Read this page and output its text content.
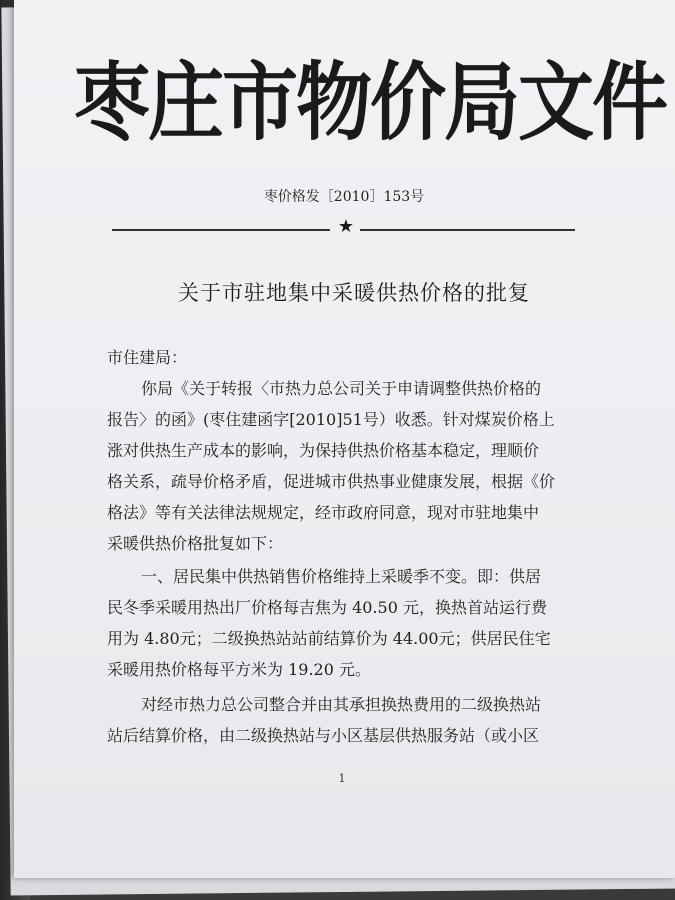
枣庄市物价局文件
枣价格发［2010］153号
★
关于市驻地集中采暖供热价格的批复
市住建局：
你局《关于转报〈市热力总公司关于申请调整供热价格的
报告〉的函》(枣住建函字[2010]51号）收悉。针对煤炭价格上
涨对供热生产成本的影响，为保持供热价格基本稳定，理顺价
格关系，疏导价格矛盾，促进城市供热事业健康发展，根据《价
格法》等有关法律法规规定，经市政府同意，现对市驻地集中
采暖供热价格批复如下：
一、居民集中供热销售价格维持上采暖季不变。即：供居
民冬季采暖用热出厂价格每吉焦为 40.50 元，换热首站运行费
用为 4.80元；二级换热站站前结算价为 44.00元；供居民住宅
采暖用热价格每平方米为 19.20 元。
对经市热力总公司整合并由其承担换热费用的二级换热站
站后结算价格，由二级换热站与小区基层供热服务站（或小区
1
